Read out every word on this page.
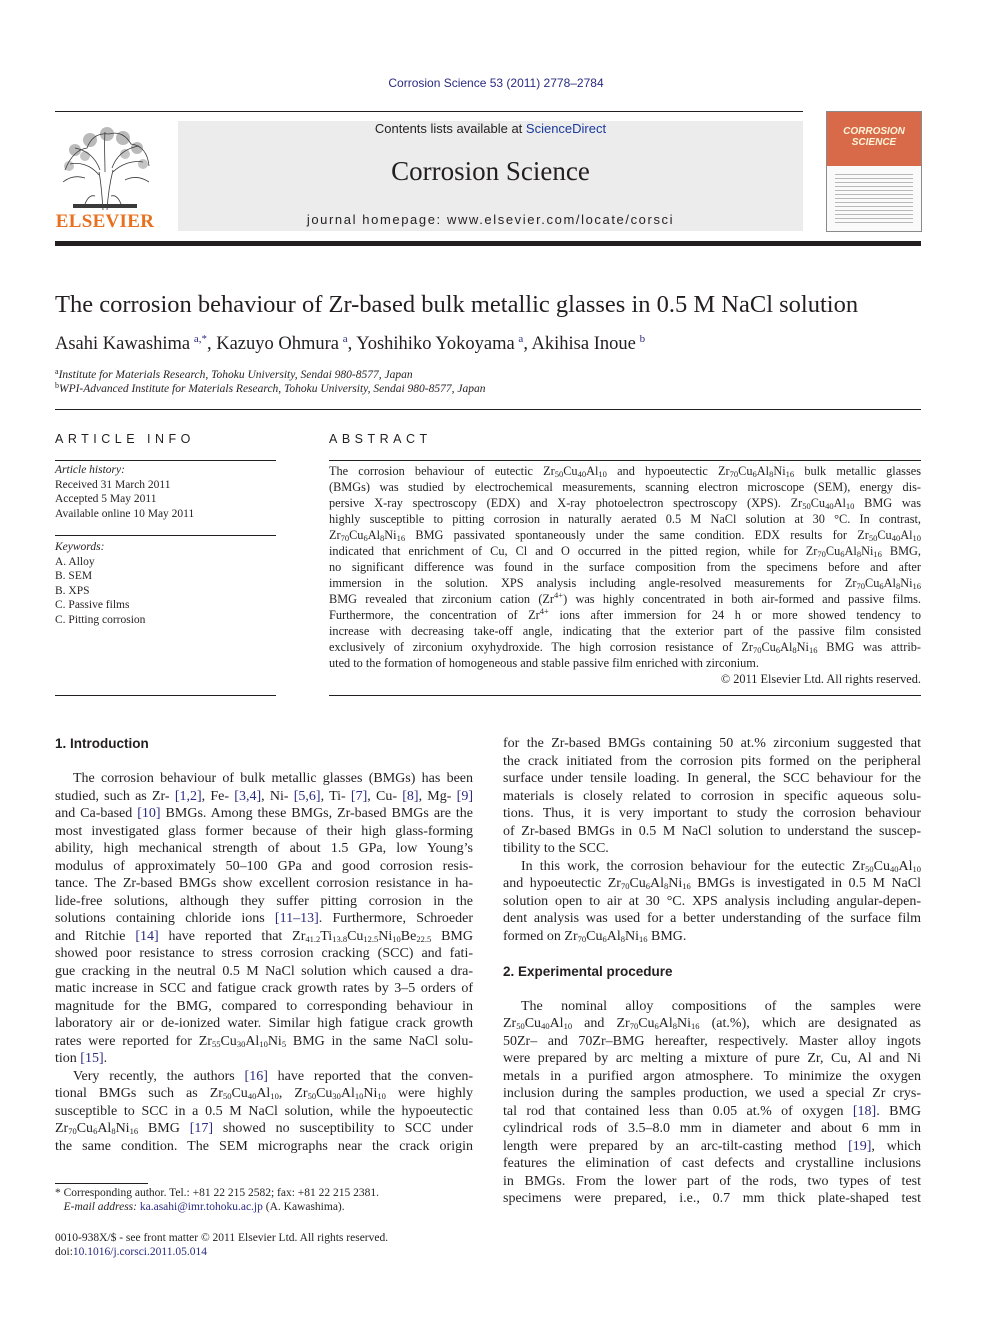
Corrosion Science 53 (2011) 2778–2784
ELSEVIER
Contents lists available at ScienceDirect
Corrosion Science
journal homepage: www.elsevier.com/locate/corsci
CORROSION
SCIENCE
The corrosion behaviour of Zr-based bulk metallic glasses in 0.5 M NaCl solution
Asahi Kawashima  $^{a,*}$, Kazuyo Ohmura  $^a$, Yoshihiko Yokoyama  $^a$, Akihisa Inoue  $^b$
$^a$Institute for Materials Research, Tohoku University, Sendai 980-8577, Japan
$^b$WPI-Advanced Institute for Materials Research, Tohoku University, Sendai 980-8577, Japan
ARTICLE INFO	ABSTRACT
Article history:
Received 31 March 2011
Accepted 5 May 2011
Available online 10 May 2011
Keywords:
A. Alloy
B. SEM
B. XPS
C. Passive films
C. Pitting corrosion
The corrosion behaviour of eutectic $Zr_{50}Cu_{40}Al_{10}$ and hypoeutectic $Zr_{70}Cu_6Al_8Ni_{16}$ bulk metallic glasses
(BMGs) was studied by electrochemical measurements, scanning electron microscope (SEM), energy dis-
persive X-ray spectroscopy (EDX) and X-ray photoelectron spectroscopy (XPS). $Zr_{50}Cu_{40}Al_{10}$ BMG was
highly susceptible to pitting corrosion in naturally aerated 0.5 M NaCl solution at 30 °C. In contrast,
$Zr_{70}Cu_6Al_8Ni_{16}$ BMG passivated spontaneously under the same condition. EDX results for $Zr_{50}Cu_{40}Al_{10}$
indicated that enrichment of Cu, Cl and O occurred in the pitted region, while for $Zr_{70}Cu_6Al_8Ni_{16}$ BMG,
no significant difference was found in the surface composition from the specimens before and after
immersion in the solution. XPS analysis including angle-resolved measurements for $Zr_{70}Cu_6Al_8Ni_{16}$
BMG revealed that zirconium cation $(Zr^{4+})$ was highly concentrated in both air-formed and passive films.
Furthermore, the concentration of $Zr^{4+}$ ions after immersion for 24 h or more showed tendency to
increase with decreasing take-off angle, indicating that the exterior part of the passive film consisted
exclusively of zirconium oxyhydroxide. The high corrosion resistance of $Zr_{70}Cu_6Al_8Ni_{16}$ BMG was attrib-
uted to the formation of homogeneous and stable passive film enriched with zirconium.
© 2011 Elsevier Ltd. All rights reserved.
1. Introduction
The corrosion behaviour of bulk metallic glasses (BMGs) has been
studied, such as Zr- [1,2], Fe- [3,4], Ni- [5,6], Ti- [7], Cu- [8], Mg- [9]
and Ca-based [10] BMGs. Among these BMGs, Zr-based BMGs are the
most investigated glass former because of their high glass-forming
ability, high mechanical strength of about 1.5 GPa, low Young’s
modulus of approximately 50–100 GPa and good corrosion resis-
tance. The Zr-based BMGs show excellent corrosion resistance in ha-
lide-free solutions, although they suffer pitting corrosion in the
solutions containing chloride ions [11–13]. Furthermore, Schroeder
and Ritchie [14] have reported that $Zr_{41.2}Ti_{13.8}Cu_{12.5}Ni_{10}Be_{22.5}$ BMG
showed poor resistance to stress corrosion cracking (SCC) and fati-
gue cracking in the neutral 0.5 M NaCl solution which caused a dra-
matic increase in SCC and fatigue crack growth rates by 3–5 orders of
magnitude for the BMG, compared to corresponding behaviour in
laboratory air or de-ionized water. Similar high fatigue crack growth
rates were reported for $Zr_{55}Cu_{30}Al_{10}Ni_5$ BMG in the same NaCl solu-
tion [15].
Very recently, the authors [16] have reported that the conven-
tional BMGs such as $Zr_{50}Cu_{40}Al_{10}$, $Zr_{50}Cu_{30}Al_{10}Ni_{10}$ were highly
susceptible to SCC in a 0.5 M NaCl solution, while the hypoeutectic
$Zr_{70}Cu_6Al_8Ni_{16}$ BMG [17] showed no susceptibility to SCC under
the same condition. The SEM micrographs near the crack origin
for the Zr-based BMGs containing 50 at.% zirconium suggested that
the crack initiated from the corrosion pits formed on the peripheral
surface under tensile loading. In general, the SCC behaviour for the
materials is closely related to corrosion in specific aqueous solu-
tions. Thus, it is very important to study the corrosion behaviour
of Zr-based BMGs in 0.5 M NaCl solution to understand the suscep-
tibility to the SCC.
In this work, the corrosion behaviour for the eutectic $Zr_{50}Cu_{40}Al_{10}$
and hypoeutectic $Zr_{70}Cu_6Al_8Ni_{16}$ BMGs is investigated in 0.5 M NaCl
solution open to air at 30 °C. XPS analysis including angular-depen-
dent analysis was used for a better understanding of the surface film
formed on $Zr_{70}Cu_6Al_8Ni_{16}$ BMG.
2. Experimental procedure
The nominal alloy compositions of the samples were
$Zr_{50}Cu_{40}Al_{10}$ and $Zr_{70}Cu_6Al_8Ni_{16}$ (at.%), which are designated as
50Zr– and 70Zr–BMG hereafter, respectively. Master alloy ingots
were prepared by arc melting a mixture of pure Zr, Cu, Al and Ni
metals in a purified argon atmosphere. To minimize the oxygen
inclusion during the samples production, we used a special Zr crys-
tal rod that contained less than 0.05 at.% of oxygen [18]. BMG
cylindrical rods of 3.5–8.0 mm in diameter and about 6 mm in
length were prepared by an arc-tilt-casting method [19], which
features the elimination of cast defects and crystalline inclusions
in BMGs. From the lower part of the rods, two types of test
specimens were prepared, i.e., 0.7 mm thick plate-shaped test
* Corresponding author. Tel.: +81 22 215 2582; fax: +81 22 215 2381.
E-mail address: ka.asahi@imr.tohoku.ac.jp (A. Kawashima).
0010-938X/$ - see front matter © 2011 Elsevier Ltd. All rights reserved.
doi:10.1016/j.corsci.2011.05.014
